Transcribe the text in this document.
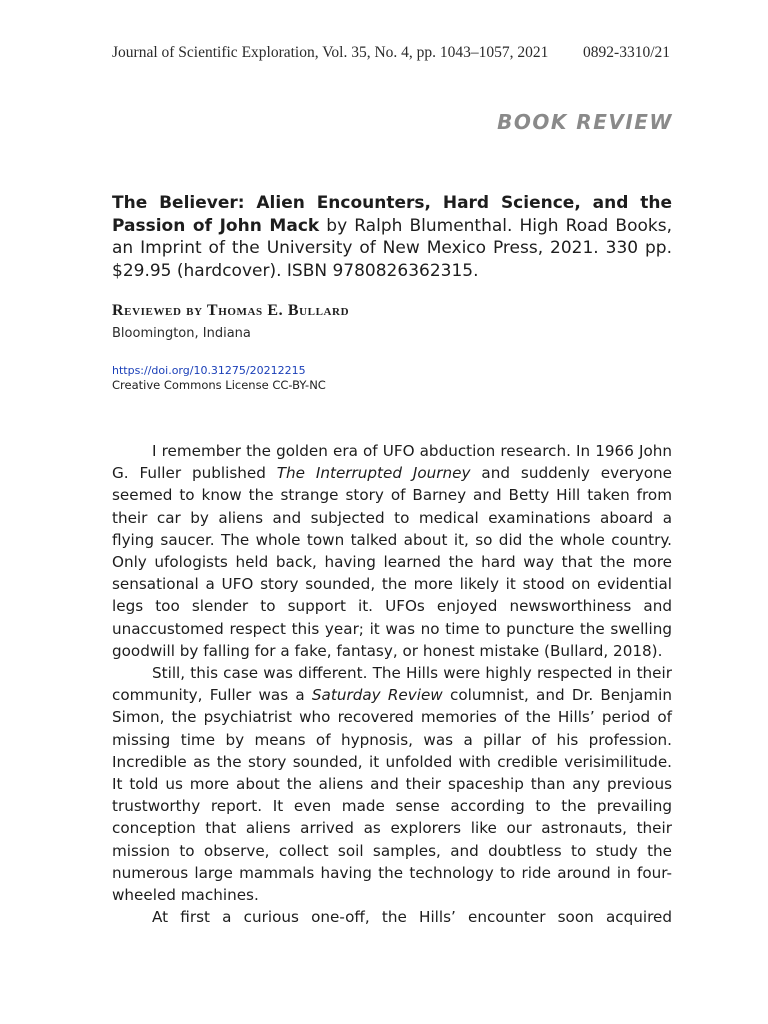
Journal of Scientific Exploration, Vol. 35, No. 4, pp. 1043–1057, 2021 0892-3310/21
BOOK REVIEW
The Believer: Alien Encounters, Hard Science, and the Passion of John Mack by Ralph Blumenthal. High Road Books, an Imprint of the University of New Mexico Press, 2021. 330 pp. $29.95 (hardcover). ISBN 9780826362315.
Reviewed by Thomas E. Bullard
Bloomington, Indiana
https://doi.org/10.31275/20212215
Creative Commons License CC-BY-NC

I remember the golden era of UFO abduction research. In 1966 John G. Fuller published The Interrupted Journey and suddenly everyone seemed to know the strange story of Barney and Betty Hill taken from their car by aliens and subjected to medical examinations aboard a flying saucer. The whole town talked about it, so did the whole country. Only ufologists held back, having learned the hard way that the more sensational a UFO story sounded, the more likely it stood on evidential legs too slender to support it. UFOs enjoyed newsworthiness and unaccustomed respect this year; it was no time to puncture the swelling goodwill by falling for a fake, fantasy, or honest mistake (Bullard, 2018).

Still, this case was different. The Hills were highly respected in their community, Fuller was a Saturday Review columnist, and Dr. Benjamin Simon, the psychiatrist who recovered memories of the Hills’ period of missing time by means of hypnosis, was a pillar of his profession. Incredible as the story sounded, it unfolded with credible verisimilitude. It told us more about the aliens and their spaceship than any previous trustworthy report. It even made sense according to the prevailing conception that aliens arrived as explorers like our astronauts, their mission to observe, collect soil samples, and doubtless to study the numerous large mammals having the technology to ride around in four-wheeled machines.

At first a curious one-off, the Hills’ encounter soon acquired
